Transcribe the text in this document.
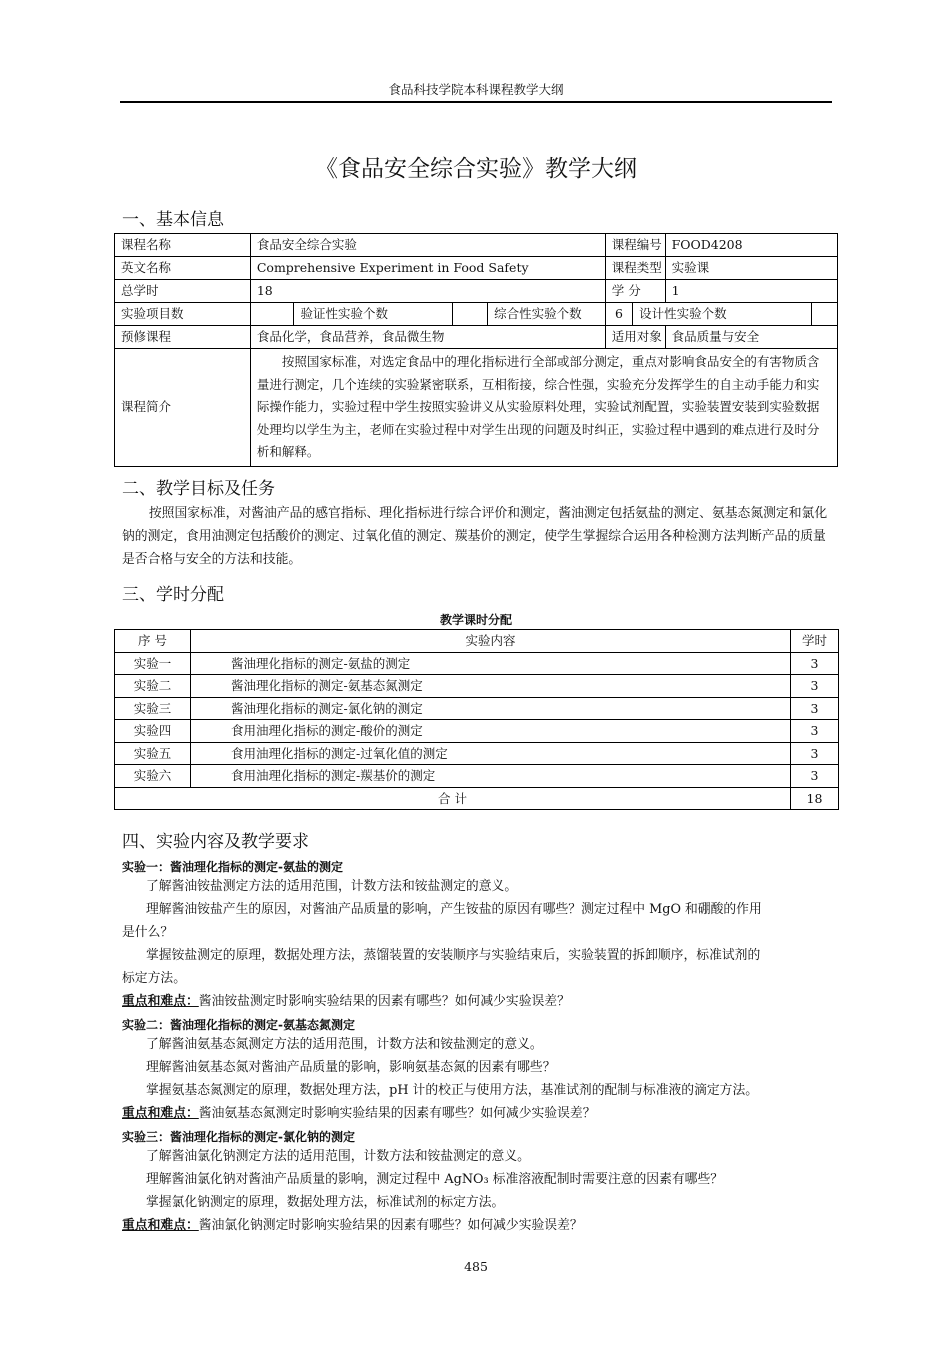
食品科技学院本科课程教学大纲
《食品安全综合实验》教学大纲
一、基本信息
课程名称	食品安全综合实验				课程编号		FOOD4208	
英文名称	Comprehensive Experiment in Food Safety				课程类型		实验课	
总学时	18				学 分		1	
实验项目数		验证性实验个数		综合性实验个数	6	设计性实验个数		
预修课程	食品化学，食品营养，食品微生物				适用对象		食品质量与安全	
课程简介	按照国家标准，对选定食品中的理化指标进行全部或部分测定，重点对影响食品安全的有害物质含量进行测定，几个连续的实验紧密联系，互相衔接，综合性强，实验充分发挥学生的自主动手能力和实际操作能力，实验过程中学生按照实验讲义从实验原料处理，实验试剂配置，实验装置安装到实验数据处理均以学生为主，老师在实验过程中对学生出现的问题及时纠正，实验过程中遇到的难点进行及时分析和解释。							
二、教学目标及任务
按照国家标准，对酱油产品的感官指标、理化指标进行综合评价和测定，酱油测定包括氨盐的测定、氨基态氮测定和氯化钠的测定，食用油测定包括酸价的测定、过氧化值的测定、羰基价的测定，使学生掌握综合运用各种检测方法判断产品的质量是否合格与安全的方法和技能。
三、学时分配
教学课时分配
序 号	实验内容	学时
实验一	酱油理化指标的测定-氨盐的测定	3
实验二	酱油理化指标的测定-氨基态氮测定	3
实验三	酱油理化指标的测定-氯化钠的测定	3
实验四	食用油理化指标的测定-酸价的测定	3
实验五	食用油理化指标的测定-过氧化值的测定	3
实验六	食用油理化指标的测定-羰基价的测定	3
合 计		18
四、实验内容及教学要求
实验一：酱油理化指标的测定-氨盐的测定
了解酱油铵盐测定方法的适用范围，计数方法和铵盐测定的意义。
理解酱油铵盐产生的原因，对酱油产品质量的影响，产生铵盐的原因有哪些？测定过程中 MgO 和硼酸的作用
是什么？
掌握铵盐测定的原理，数据处理方法，蒸馏装置的安装顺序与实验结束后，实验装置的拆卸顺序，标准试剂的
标定方法。
重点和难点：酱油铵盐测定时影响实验结果的因素有哪些？如何减少实验误差？
实验二：酱油理化指标的测定-氨基态氮测定
了解酱油氨基态氮测定方法的适用范围，计数方法和铵盐测定的意义。
理解酱油氨基态氮对酱油产品质量的影响，影响氨基态氮的因素有哪些？
掌握氨基态氮测定的原理，数据处理方法，pH 计的校正与使用方法，基准试剂的配制与标准液的滴定方法。
重点和难点：酱油氨基态氮测定时影响实验结果的因素有哪些？如何减少实验误差？
实验三：酱油理化指标的测定-氯化钠的测定
了解酱油氯化钠测定方法的适用范围，计数方法和铵盐测定的意义。
理解酱油氯化钠对酱油产品质量的影响，测定过程中 AgNO₃ 标准溶液配制时需要注意的因素有哪些？
掌握氯化钠测定的原理，数据处理方法，标准试剂的标定方法。
重点和难点：酱油氯化钠测定时影响实验结果的因素有哪些？如何减少实验误差？
485
